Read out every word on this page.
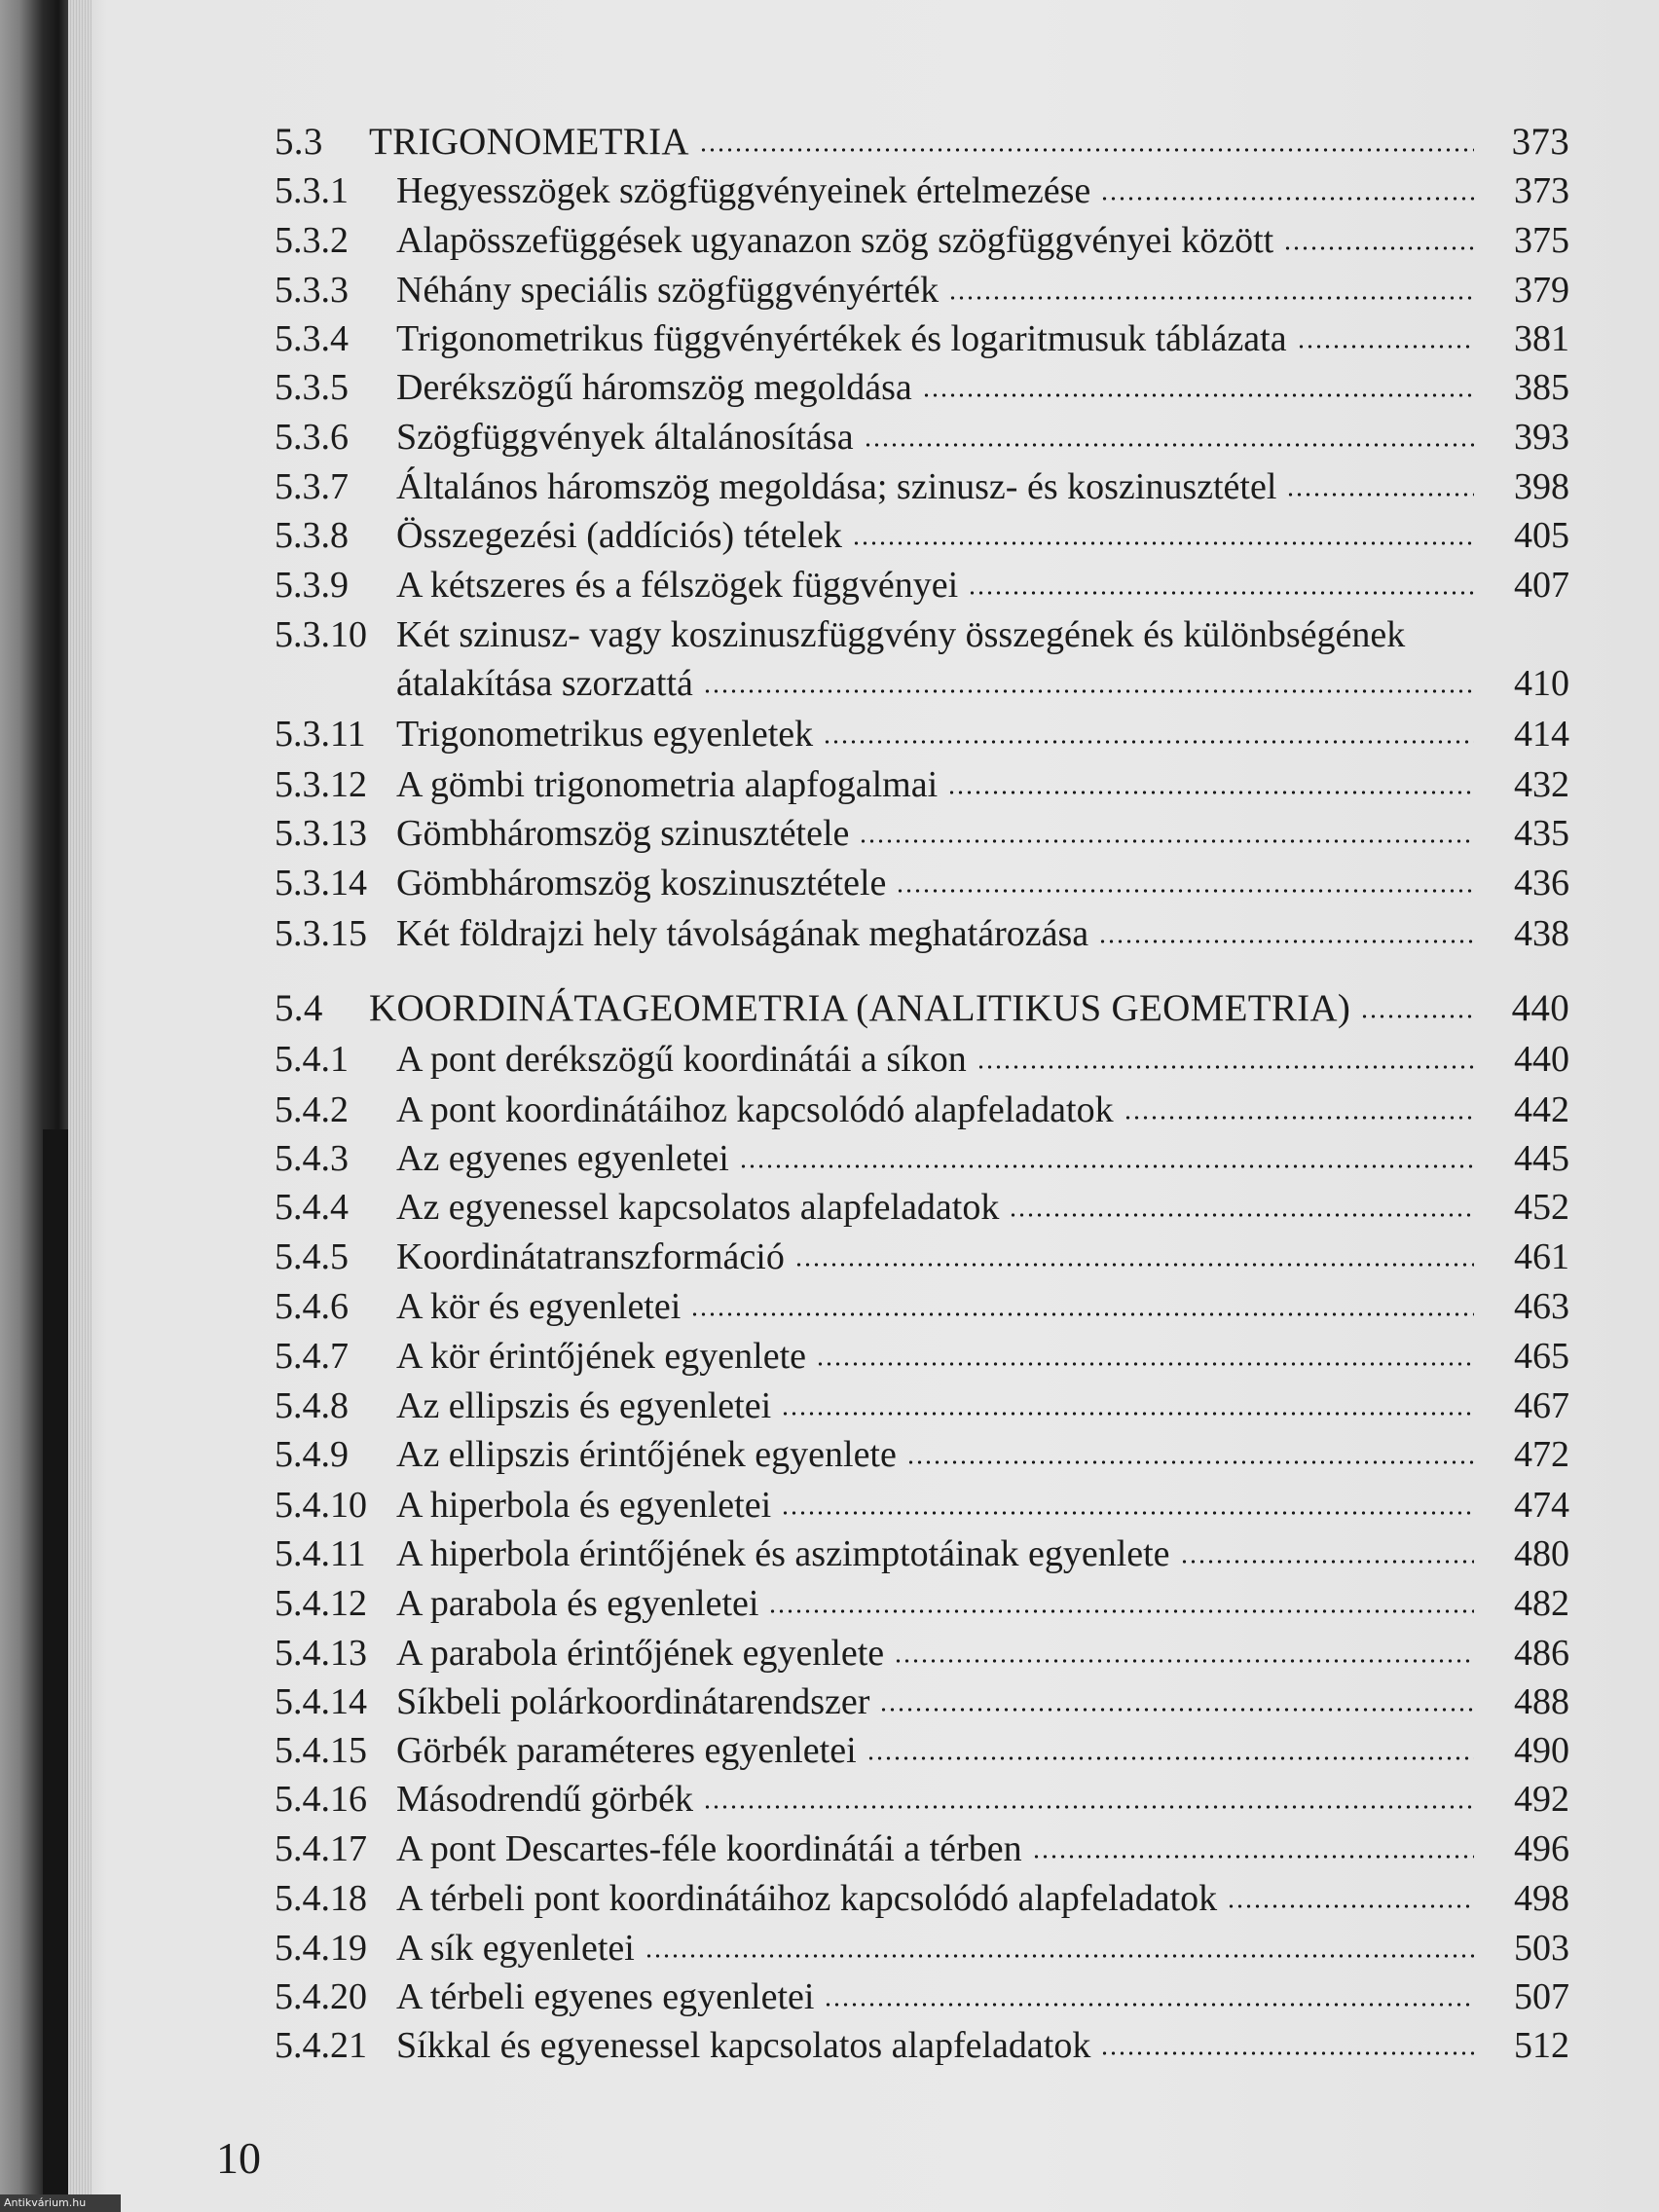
5.3 TRIGONOMETRIA	373
5.3.1 Hegyesszögek szögfüggvényeinek értelmezése	373
5.3.2 Alapösszefüggések ugyanazon szög szögfüggvényei között	375
5.3.3 Néhány speciális szögfüggvényérték	379
5.3.4 Trigonometrikus függvényértékek és logaritmusuk táblázata	381
5.3.5 Derékszögű háromszög megoldása	385
5.3.6 Szögfüggvények általánosítása	393
5.3.7 Általános háromszög megoldása; szinusz- és koszinusztétel	398
5.3.8 Összegezési (addíciós) tételek	405
5.3.9 A kétszeres és a félszögek függvényei	407
5.3.10 Két szinusz- vagy koszinuszfüggvény összegének és különbségének
átalakítása szorzattá	410
5.3.11 Trigonometrikus egyenletek	414
5.3.12 A gömbi trigonometria alapfogalmai	432
5.3.13 Gömbháromszög szinusztétele	435
5.3.14 Gömbháromszög koszinusztétele	436
5.3.15 Két földrajzi hely távolságának meghatározása	438
5.4 KOORDINÁTAGEOMETRIA (ANALITIKUS GEOMETRIA)	440
5.4.1 A pont derékszögű koordinátái a síkon	440
5.4.2 A pont koordinátáihoz kapcsolódó alapfeladatok	442
5.4.3 Az egyenes egyenletei	445
5.4.4 Az egyenessel kapcsolatos alapfeladatok	452
5.4.5 Koordinátatranszformáció	461
5.4.6 A kör és egyenletei	463
5.4.7 A kör érintőjének egyenlete	465
5.4.8 Az ellipszis és egyenletei	467
5.4.9 Az ellipszis érintőjének egyenlete	472
5.4.10 A hiperbola és egyenletei	474
5.4.11 A hiperbola érintőjének és aszimptotáinak egyenlete	480
5.4.12 A parabola és egyenletei	482
5.4.13 A parabola érintőjének egyenlete	486
5.4.14 Síkbeli polárkoordinátarendszer	488
5.4.15 Görbék paraméteres egyenletei	490
5.4.16 Másodrendű görbék	492
5.4.17 A pont Descartes-féle koordinátái a térben	496
5.4.18 A térbeli pont koordinátáihoz kapcsolódó alapfeladatok	498
5.4.19 A sík egyenletei	503
5.4.20 A térbeli egyenes egyenletei	507
5.4.21 Síkkal és egyenessel kapcsolatos alapfeladatok	512
10
Antikvárium.hu
